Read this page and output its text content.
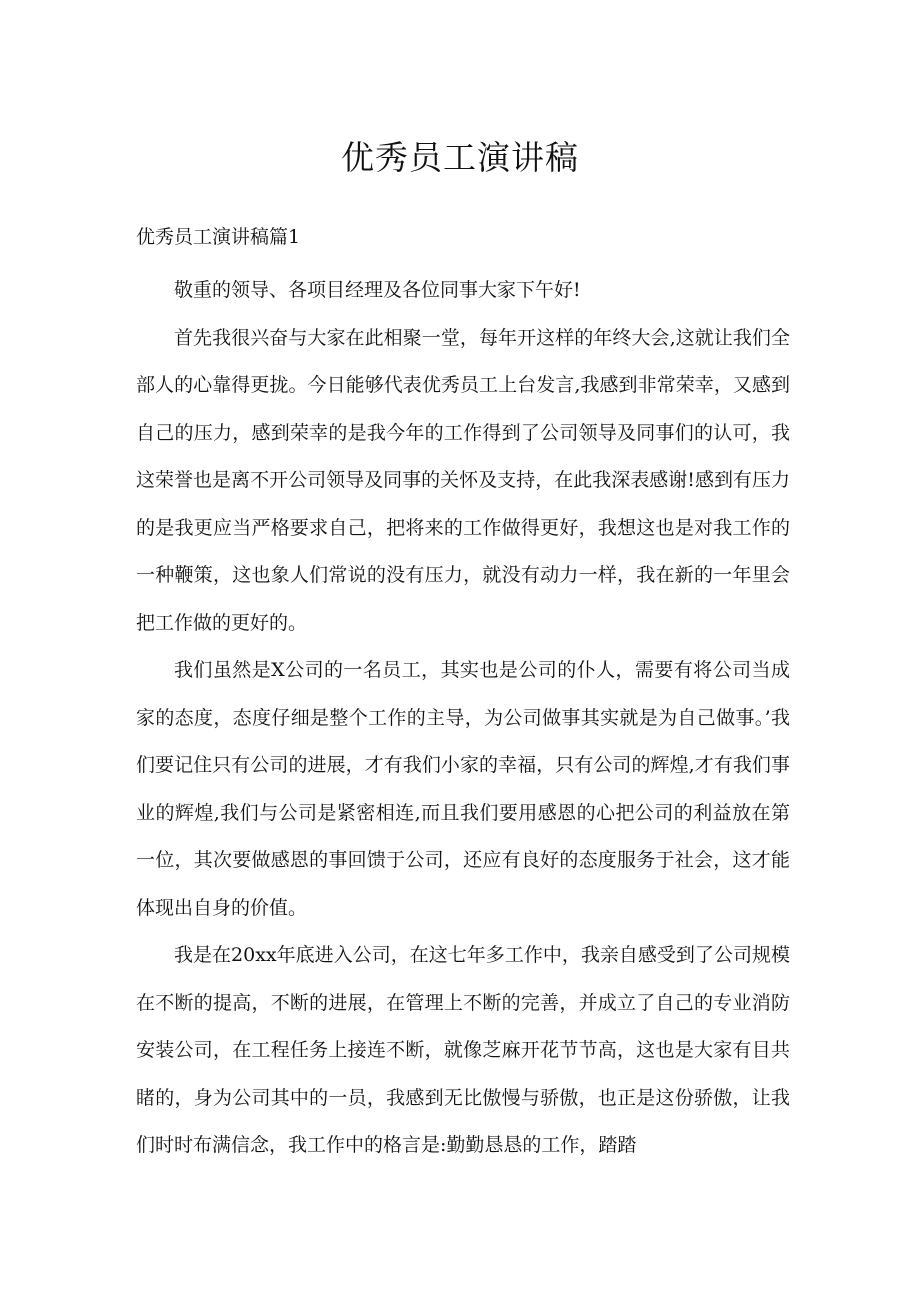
优秀员工演讲稿
优秀员工演讲稿篇1

敬重的领导、各项目经理及各位同事大家下午好!

首先我很兴奋与大家在此相聚一堂，每年开这样的年终大会,这就让我们全部人的心靠得更拢。今日能够代表优秀员工上台发言,我感到非常荣幸，又感到自己的压力，感到荣幸的是我今年的工作得到了公司领导及同事们的认可，我这荣誉也是离不开公司领导及同事的关怀及支持，在此我深表感谢!感到有压力的是我更应当严格要求自己，把将来的工作做得更好，我想这也是对我工作的一种鞭策，这也象人们常说的没有压力，就没有动力一样，我在新的一年里会把工作做的更好的。

我们虽然是X公司的一名员工，其实也是公司的仆人，需要有将公司当成家的态度，态度仔细是整个工作的主导，为公司做事其实就是为自己做事。’我们要记住只有公司的进展，才有我们小家的幸福，只有公司的辉煌,才有我们事业的辉煌,我们与公司是紧密相连,而且我们要用感恩的心把公司的利益放在第一位，其次要做感恩的事回馈于公司，还应有良好的态度服务于社会，这才能体现出自身的价值。

我是在20xx年底进入公司，在这七年多工作中，我亲自感受到了公司规模在不断的提高，不断的进展，在管理上不断的完善，并成立了自己的专业消防安装公司，在工程任务上接连不断，就像芝麻开花节节高，这也是大家有目共睹的，身为公司其中的一员，我感到无比傲慢与骄傲，也正是这份骄傲，让我们时时布满信念，我工作中的格言是:勤勤恳恳的工作，踏踏
